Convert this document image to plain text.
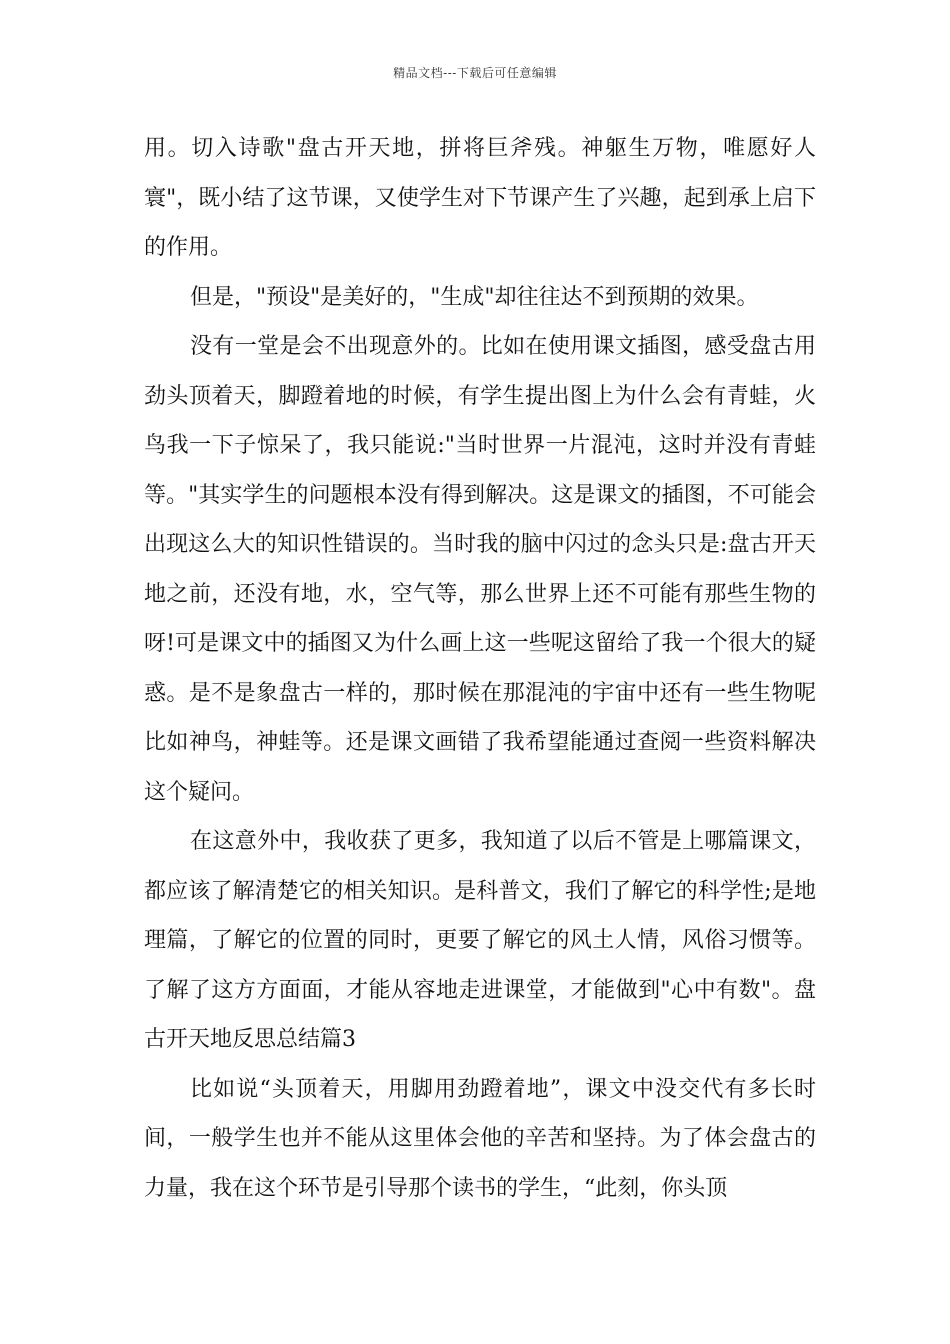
精品文档---下载后可任意编辑

用。切入诗歌"盘古开天地，拼将巨斧残。神躯生万物，唯愿好人寰"，既小结了这节课，又使学生对下节课产生了兴趣，起到承上启下的作用。

但是，"预设"是美好的，"生成"却往往达不到预期的效果。

没有一堂是会不出现意外的。比如在使用课文插图，感受盘古用劲头顶着天，脚蹬着地的时候，有学生提出图上为什么会有青蛙，火鸟我一下子惊呆了，我只能说:"当时世界一片混沌，这时并没有青蛙等。"其实学生的问题根本没有得到解决。这是课文的插图，不可能会出现这么大的知识性错误的。当时我的脑中闪过的念头只是:盘古开天地之前，还没有地，水，空气等，那么世界上还不可能有那些生物的呀!可是课文中的插图又为什么画上这一些呢这留给了我一个很大的疑惑。是不是象盘古一样的，那时候在那混沌的宇宙中还有一些生物呢比如神鸟，神蛙等。还是课文画错了我希望能通过查阅一些资料解决这个疑问。

在这意外中，我收获了更多，我知道了以后不管是上哪篇课文，都应该了解清楚它的相关知识。是科普文，我们了解它的科学性;是地理篇，了解它的位置的同时，更要了解它的风土人情，风俗习惯等。了解了这方方面面，才能从容地走进课堂，才能做到"心中有数"。盘古开天地反思总结篇3

比如说“头顶着天，用脚用劲蹬着地”，课文中没交代有多长时间，一般学生也并不能从这里体会他的辛苦和坚持。为了体会盘古的力量，我在这个环节是引导那个读书的学生，“此刻，你头顶
